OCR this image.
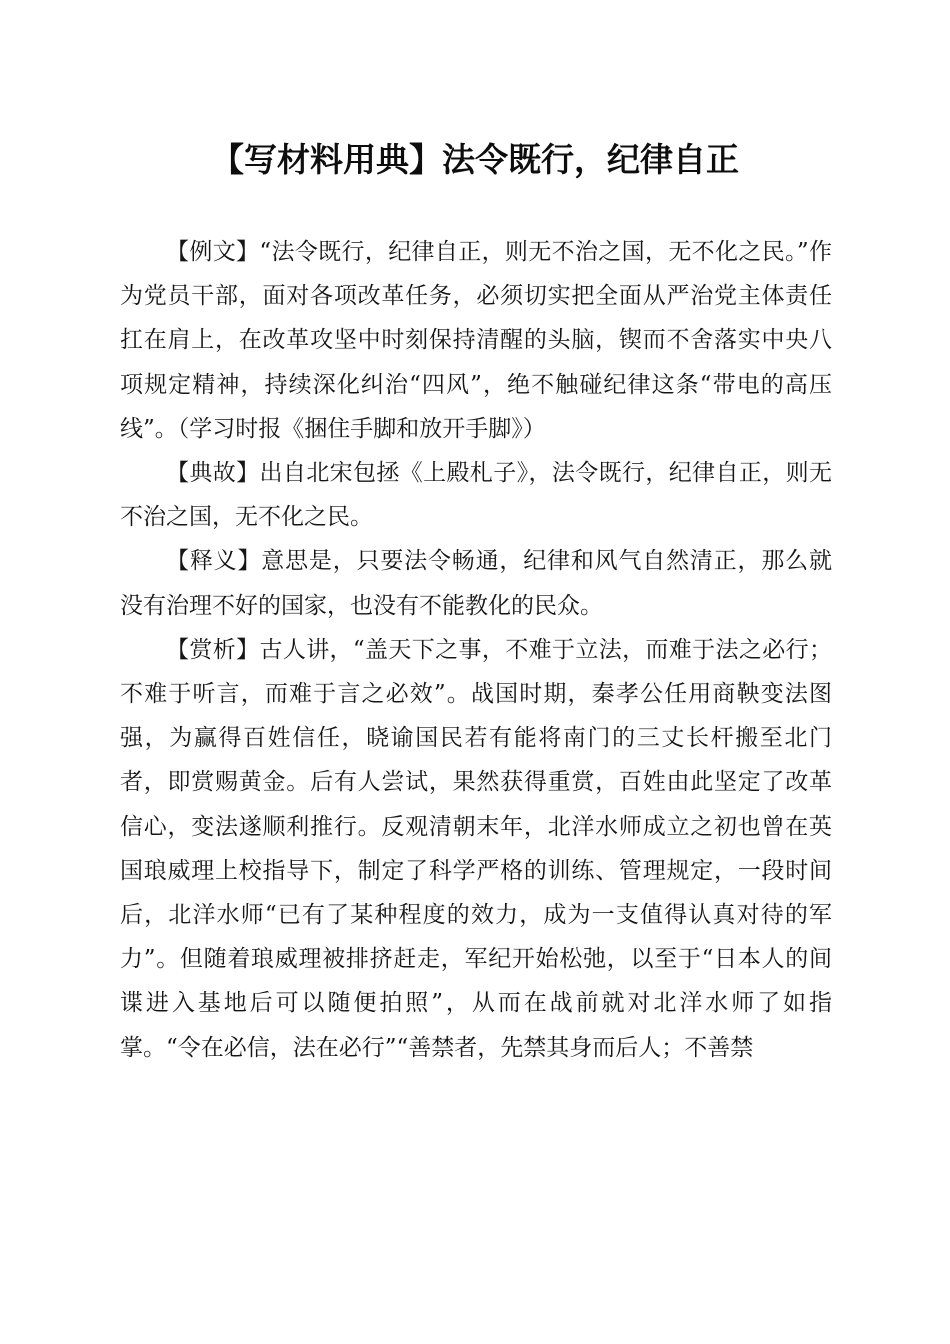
【写材料用典】法令既行，纪律自正

【例文】“法令既行，纪律自正，则无不治之国，无不化之民。”作为党员干部，面对各项改革任务，必须切实把全面从严治党主体责任扛在肩上，在改革攻坚中时刻保持清醒的头脑，锲而不舍落实中央八项规定精神，持续深化纠治“四风”，绝不触碰纪律这条“带电的高压线”。（学习时报《捆住手脚和放开手脚》）

【典故】出自北宋包拯《上殿札子》，法令既行，纪律自正，则无不治之国，无不化之民。

【释义】意思是，只要法令畅通，纪律和风气自然清正，那么就没有治理不好的国家，也没有不能教化的民众。

【赏析】古人讲，“盖天下之事，不难于立法，而难于法之必行；不难于听言，而难于言之必效”。战国时期，秦孝公任用商鞅变法图强，为赢得百姓信任，晓谕国民若有能将南门的三丈长杆搬至北门者，即赏赐黄金。后有人尝试，果然获得重赏，百姓由此坚定了改革信心，变法遂顺利推行。反观清朝末年，北洋水师成立之初也曾在英国琅威理上校指导下，制定了科学严格的训练、管理规定，一段时间后，北洋水师“已有了某种程度的效力，成为一支值得认真对待的军力”。但随着琅威理被排挤赶走，军纪开始松弛，以至于“日本人的间谍进入基地后可以随便拍照”，从而在战前就对北洋水师了如指掌。“令在必信，法在必行”“善禁者，先禁其身而后人；不善禁
